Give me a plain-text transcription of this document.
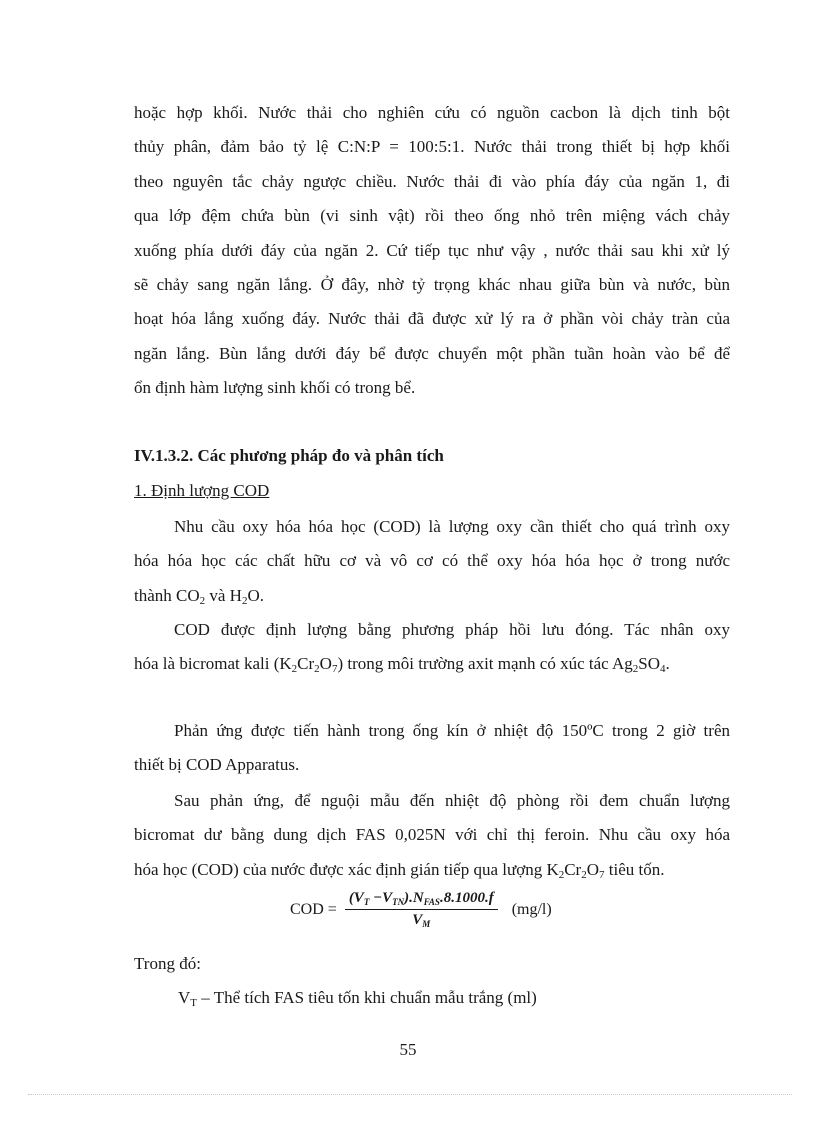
hoặc hợp khối. Nước thải cho nghiên cứu có nguồn cacbon là dịch tinh bột
thủy phân, đảm bảo tỷ lệ C:N:P = 100:5:1. Nước thải trong thiết bị hợp khối
theo nguyên tắc chảy ngược chiều. Nước thải đi vào phía đáy của ngăn 1, đi
qua lớp đệm chứa bùn (vi sinh vật) rồi theo ống nhỏ trên miệng vách chảy
xuống phía dưới đáy của ngăn 2. Cứ tiếp tục như vậy , nước thải sau khi xử lý
sẽ chảy sang ngăn lắng. Ở đây, nhờ tỷ trọng khác nhau giữa bùn và nước, bùn
hoạt hóa lắng xuống đáy. Nước thải đã được xử lý ra ở phần vòi chảy tràn của
ngăn lắng. Bùn lắng dưới đáy bể được chuyển một phần tuần hoàn vào bể để
ổn định hàm lượng sinh khối có trong bể.

IV.1.3.2. Các phương pháp đo và phân tích

1. Định lượng COD

Nhu cầu oxy hóa hóa học (COD) là lượng oxy cần thiết cho quá trình oxy
hóa hóa học các chất hữu cơ và vô cơ có thể oxy hóa hóa học ở trong nước
thành $CO_2$ và $H_2O$.
COD được định lượng bằng phương pháp hồi lưu đóng. Tác nhân oxy
hóa là bicromat kali $(K_2Cr_2O_7)$ trong môi trường axit mạnh có xúc tác $Ag_2SO_4$.
Phản ứng được tiến hành trong ống kín ở nhiệt độ 150ºC trong 2 giờ trên
thiết bị COD Apparatus.
Sau phản ứng, để nguội mẫu đến nhiệt độ phòng rồi đem chuẩn lượng
bicromat dư bằng dung dịch FAS 0,025N với chỉ thị feroin. Nhu cầu oxy hóa
hóa học (COD) của nước được xác định gián tiếp qua lượng $K_2Cr_2O_7$ tiêu tốn.
COD = $\frac{(V_T -V_{TN}).N_{FAS}.8.1000.f}{V_M} (mg/l)$

Trong đó:

$V_T$ – Thể tích FAS tiêu tốn khi chuẩn mẫu trắng (ml)

55
